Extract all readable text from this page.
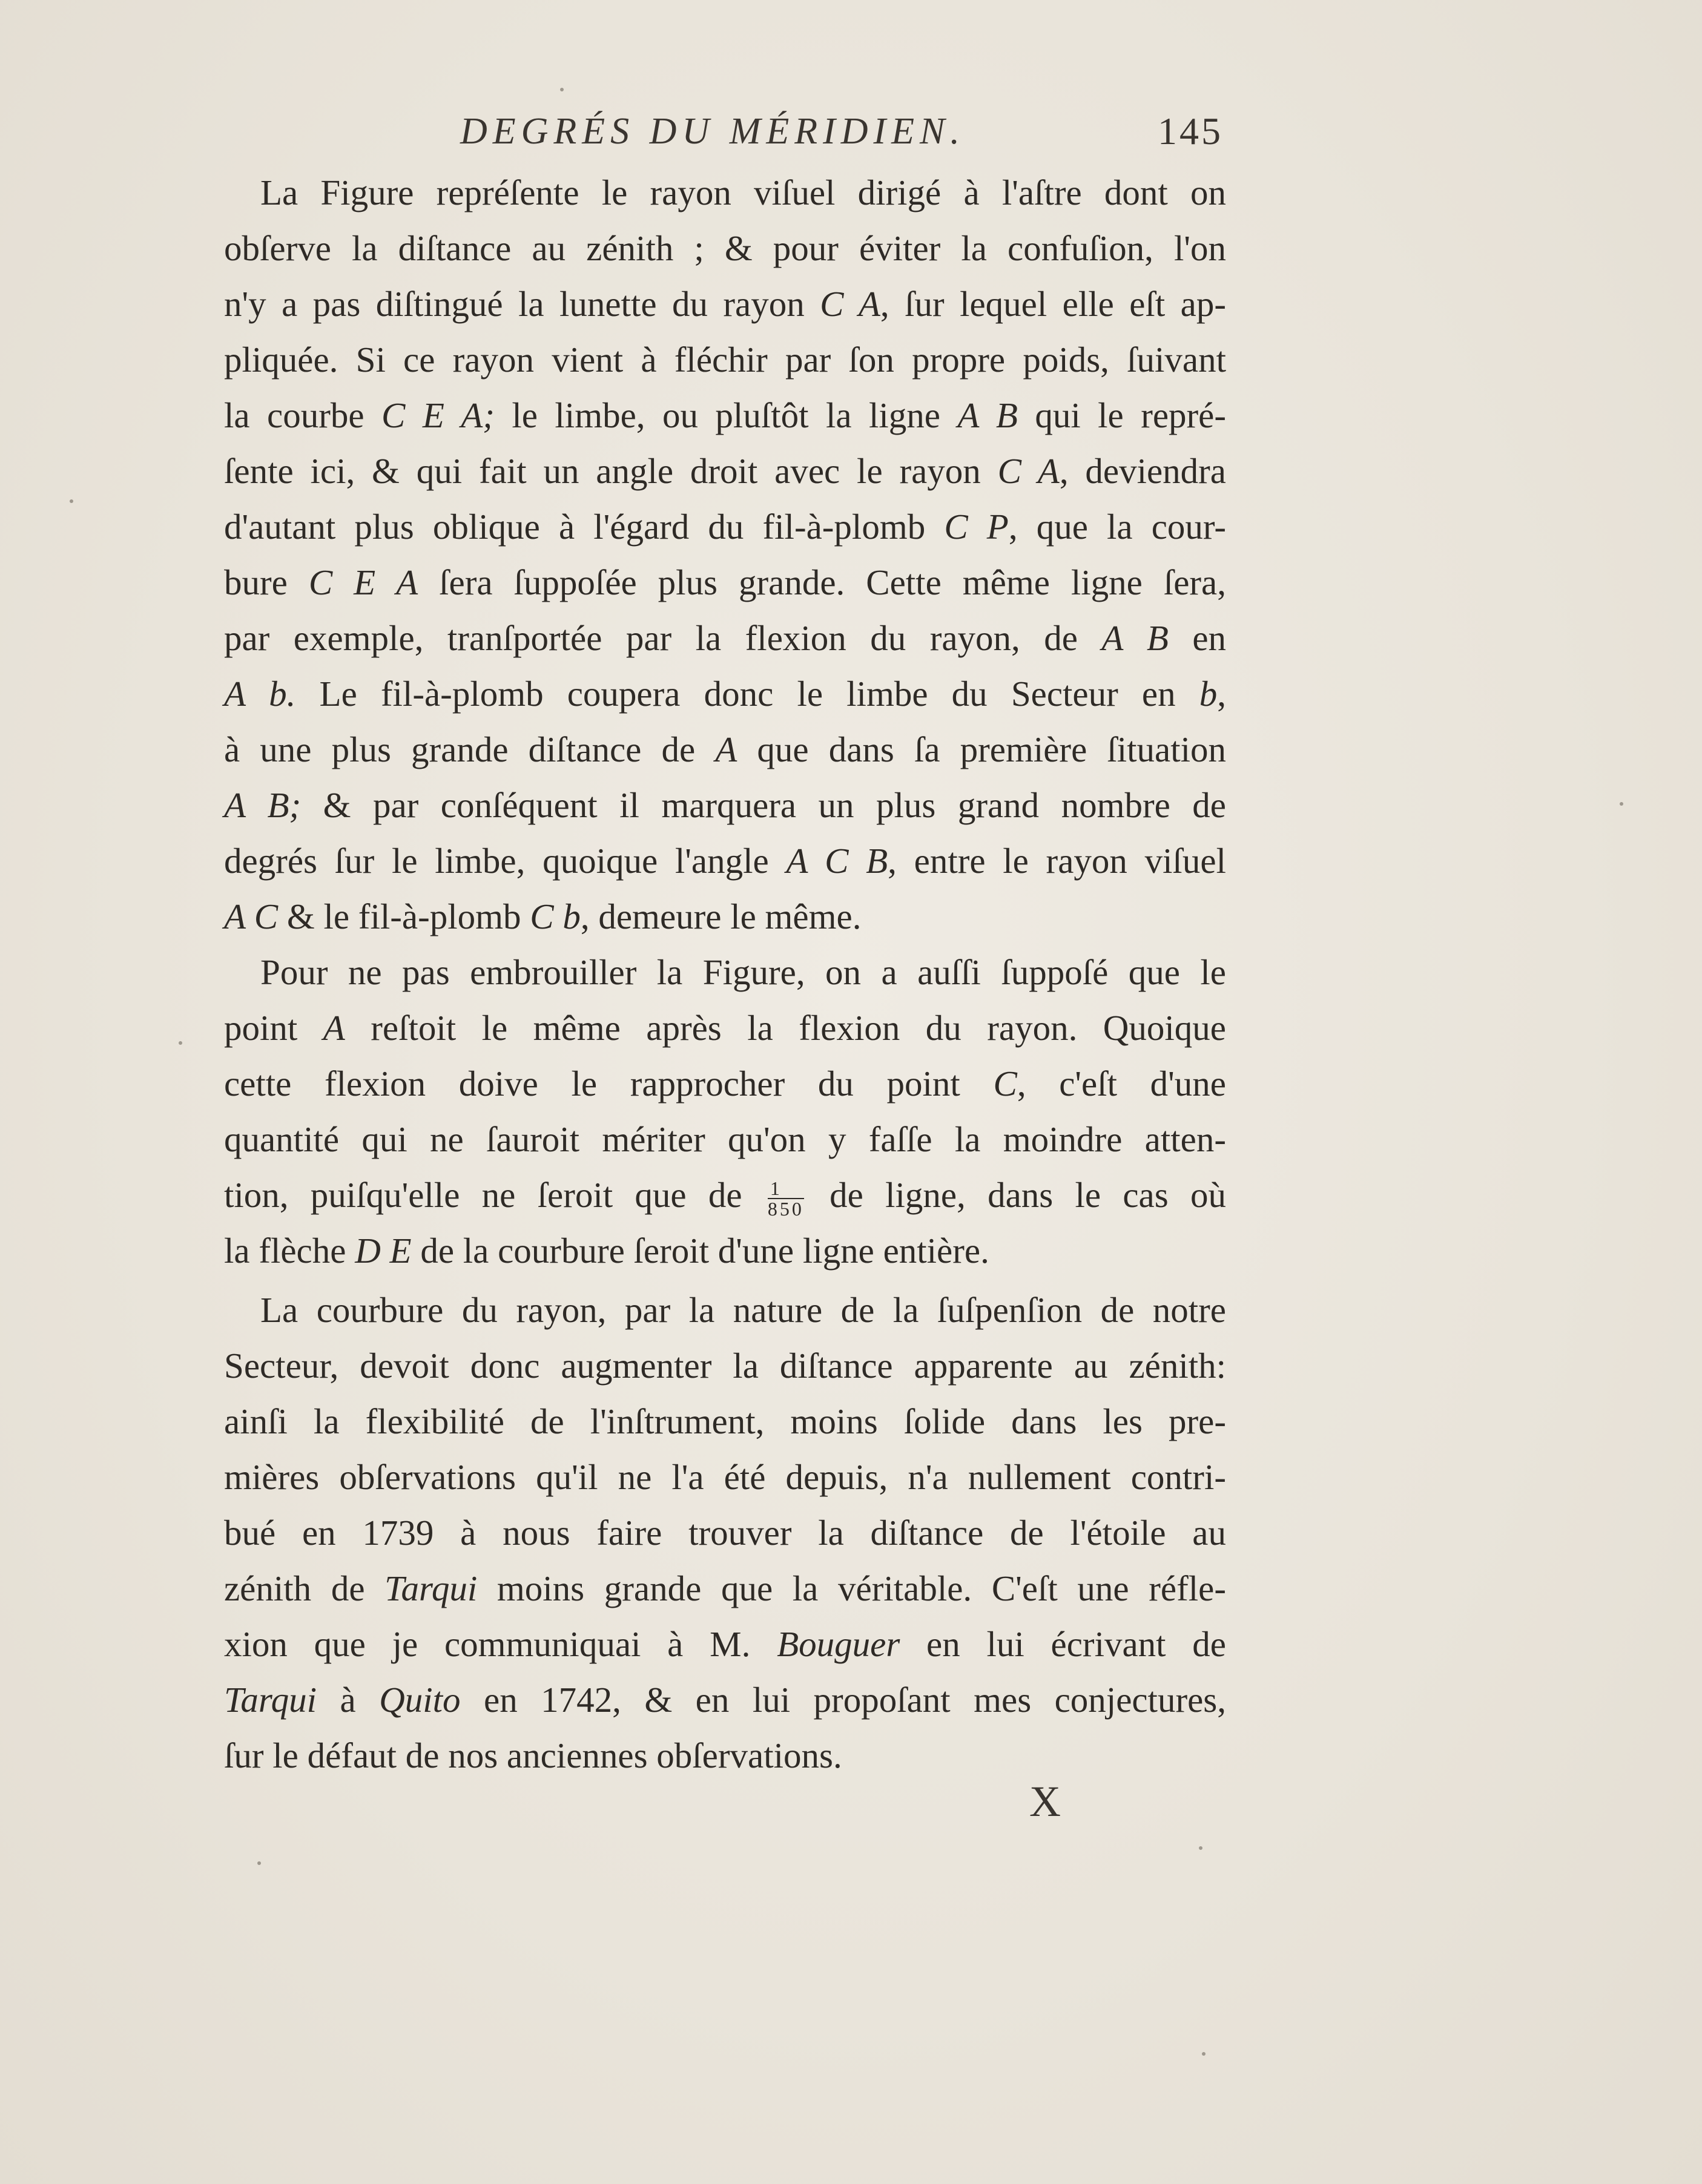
DEGRÉS DU MÉRIDIEN.	145
La Figure repréſente le rayon viſuel dirigé à l'aſtre dont on
obſerve la diſtance au zénith ; & pour éviter la confuſion, l'on
n'y a pas diſtingué la lunette du rayon C A, ſur lequel elle eſt ap-
pliquée. Si ce rayon vient à fléchir par ſon propre poids, ſuivant
la courbe C E A; le limbe, ou pluſtôt la ligne A B qui le repré-
ſente ici, & qui fait un angle droit avec le rayon C A, deviendra
d'autant plus oblique à l'égard du fil-à-plomb C P, que la cour-
bure C E A ſera ſuppoſée plus grande. Cette même ligne ſera,
par exemple, tranſportée par la flexion du rayon, de A B en
A b. Le fil-à-plomb coupera donc le limbe du Secteur en b,
à une plus grande diſtance de A que dans ſa première ſituation
A B; & par conſéquent il marquera un plus grand nombre de
degrés ſur le limbe, quoique l'angle A C B, entre le rayon viſuel
A C & le fil-à-plomb C b, demeure le même.
Pour ne pas embrouiller la Figure, on a auſſi ſuppoſé que le
point A reſtoit le même après la flexion du rayon. Quoique
cette flexion doive le rapprocher du point C, c'eſt d'une
quantité qui ne ſauroit mériter qu'on y faſſe la moindre atten-
tion, puiſqu'elle ne ſeroit que de $\frac{1}{850}$ de ligne, dans le cas où
la flèche D E de la courbure ſeroit d'une ligne entière.
La courbure du rayon, par la nature de la ſuſpenſion de notre
Secteur, devoit donc augmenter la diſtance apparente au zénith:
ainſi la flexibilité de l'inſtrument, moins ſolide dans les pre-
mières obſervations qu'il ne l'a été depuis, n'a nullement contri-
bué en 1739 à nous faire trouver la diſtance de l'étoile au
zénith de Tarqui moins grande que la véritable. C'eſt une réfle-
xion que je communiquai à M. Bouguer en lui écrivant de
Tarqui à Quito en 1742, & en lui propoſant mes conjectures,
ſur le défaut de nos anciennes obſervations.
X
